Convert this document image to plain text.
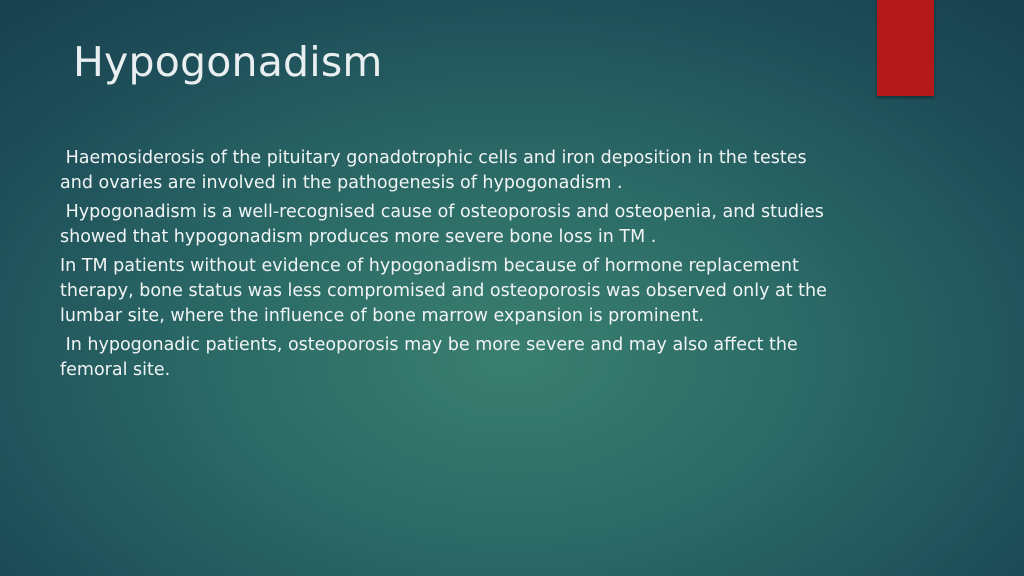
Hypogonadism

Haemosiderosis of the pituitary gonadotrophic cells and iron deposition in the testes
and ovaries are involved in the pathogenesis of hypogonadism .

Hypogonadism is a well-recognised cause of osteoporosis and osteopenia, and studies
showed that hypogonadism produces more severe bone loss in TM .

In TM patients without evidence of hypogonadism because of hormone replacement
therapy, bone status was less compromised and osteoporosis was observed only at the
lumbar site, where the influence of bone marrow expansion is prominent.

In hypogonadic patients, osteoporosis may be more severe and may also affect the
femoral site.
